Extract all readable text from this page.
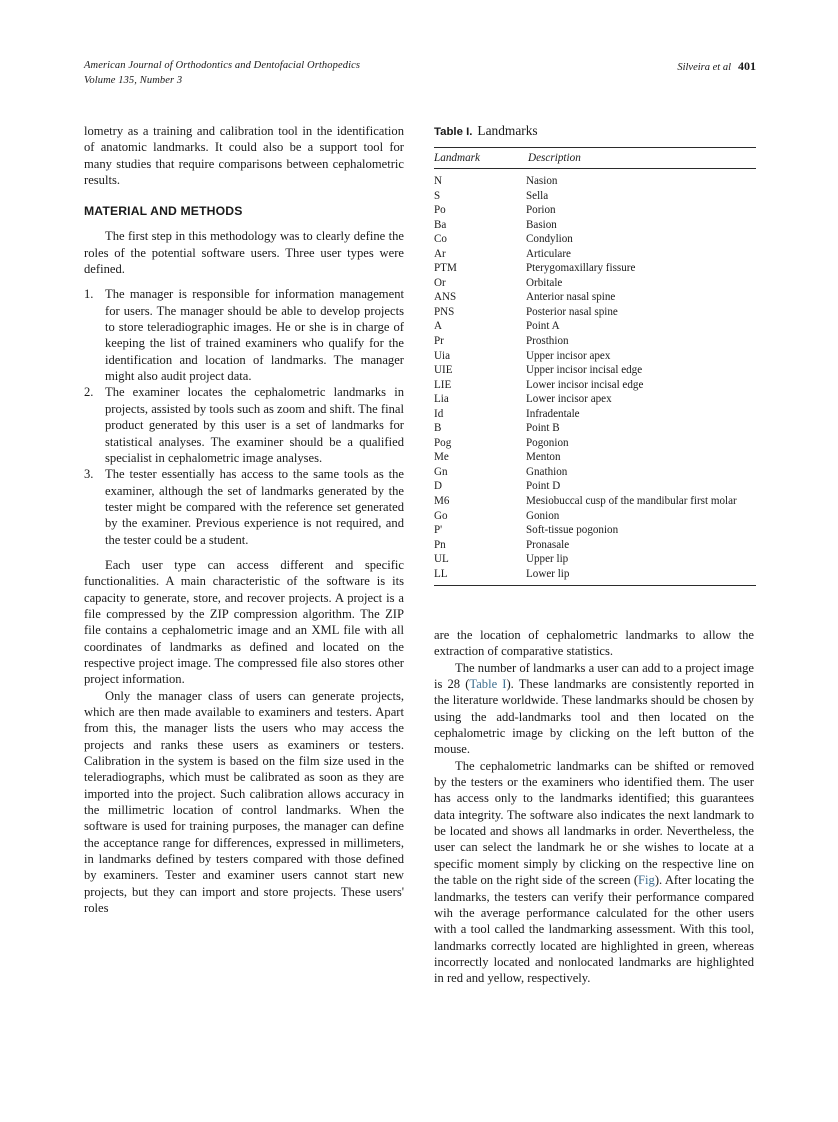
American Journal of Orthodontics and Dentofacial Orthopedics
Volume 135, Number 3
Silveira et al 401

lometry as a training and calibration tool in the identification of anatomic landmarks. It could also be a support tool for many studies that require comparisons between cephalometric results.

MATERIAL AND METHODS

The first step in this methodology was to clearly define the roles of the potential software users. Three user types were defined.

1. The manager is responsible for information management for users. The manager should be able to develop projects to store teleradiographic images. He or she is in charge of keeping the list of trained examiners who qualify for the identification and location of landmarks. The manager might also audit project data.
2. The examiner locates the cephalometric landmarks in projects, assisted by tools such as zoom and shift. The final product generated by this user is a set of landmarks for statistical analyses. The examiner should be a qualified specialist in cephalometric image analyses.
3. The tester essentially has access to the same tools as the examiner, although the set of landmarks generated by the tester might be compared with the reference set generated by the examiner. Previous experience is not required, and the tester could be a student.

Each user type can access different and specific functionalities. A main characteristic of the software is its capacity to generate, store, and recover projects. A project is a file compressed by the ZIP compression algorithm. The ZIP file contains a cephalometric image and an XML file with all coordinates of landmarks as defined and located on the respective project image. The compressed file also stores other project information.

Only the manager class of users can generate projects, which are then made available to examiners and testers. Apart from this, the manager lists the users who may access the projects and ranks these users as examiners or testers. Calibration in the system is based on the film size used in the teleradiographs, which must be calibrated as soon as they are imported into the project. Such calibration allows accuracy in the millimetric location of control landmarks. When the software is used for training purposes, the manager can define the acceptance range for differences, expressed in millimeters, in landmarks defined by testers compared with those defined by examiners. Tester and examiner users cannot start new projects, but they can import and store projects. These users' roles

Table I. Landmarks
Landmark	Description
N	Nasion
S	Sella
Po	Porion
Ba	Basion
Co	Condylion
Ar	Articulare
PTM	Pterygomaxillary fissure
Or	Orbitale
ANS	Anterior nasal spine
PNS	Posterior nasal spine
A	Point A
Pr	Prosthion
Uia	Upper incisor apex
UIE	Upper incisor incisal edge
LIE	Lower incisor incisal edge
Lia	Lower incisor apex
Id	Infradentale
B	Point B
Pog	Pogonion
Me	Menton
Gn	Gnathion
D	Point D
M6	Mesiobuccal cusp of the mandibular first molar
Go	Gonion
P'	Soft-tissue pogonion
Pn	Pronasale
UL	Upper lip
LL	Lower lip

are the location of cephalometric landmarks to allow the extraction of comparative statistics.

The number of landmarks a user can add to a project image is 28 (Table I). These landmarks are consistently reported in the literature worldwide. These landmarks should be chosen by using the add-landmarks tool and then located on the cephalometric image by clicking on the left button of the mouse.

The cephalometric landmarks can be shifted or removed by the testers or the examiners who identified them. The user has access only to the landmarks identified; this guarantees data integrity. The software also indicates the next landmark to be located and shows all landmarks in order. Nevertheless, the user can select the landmark he or she wishes to locate at a specific moment simply by clicking on the respective line on the table on the right side of the screen (Fig). After locating the landmarks, the testers can verify their performance compared wih the average performance calculated for the other users with a tool called the landmarking assessment. With this tool, landmarks correctly located are highlighted in green, whereas incorrectly located and nonlocated landmarks are highlighted in red and yellow, respectively.
